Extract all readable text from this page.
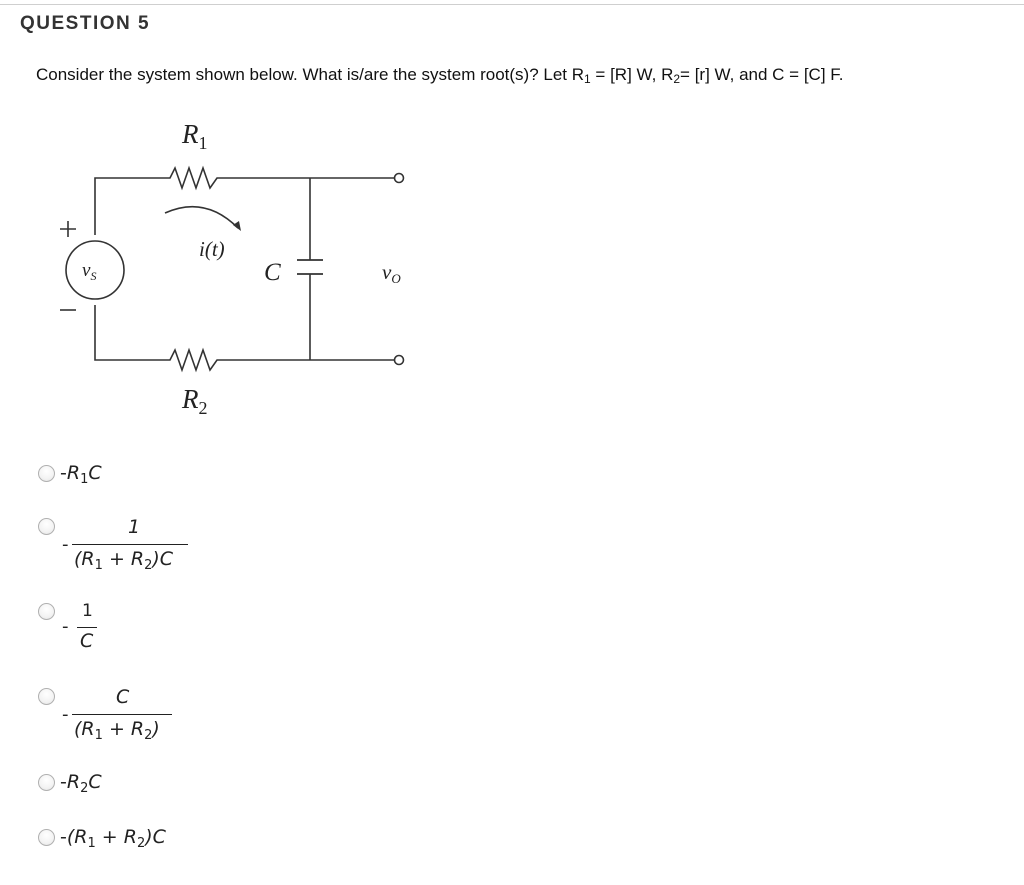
QUESTION 5
Consider the system shown below. What is/are the system root(s)? Let $R_1 = [R]$ W, $R_2= [r]$ W, and C = [C] F.
$R_1$
$R_2$
$v_S$
i(t)
C	vO
$-R_1C$
-
1
$(R_1 + R_2)C$
-
1
C
-
C
$(R_1 + R_2)$
$-R_2C$
$-(R_1 + R_2)C$
